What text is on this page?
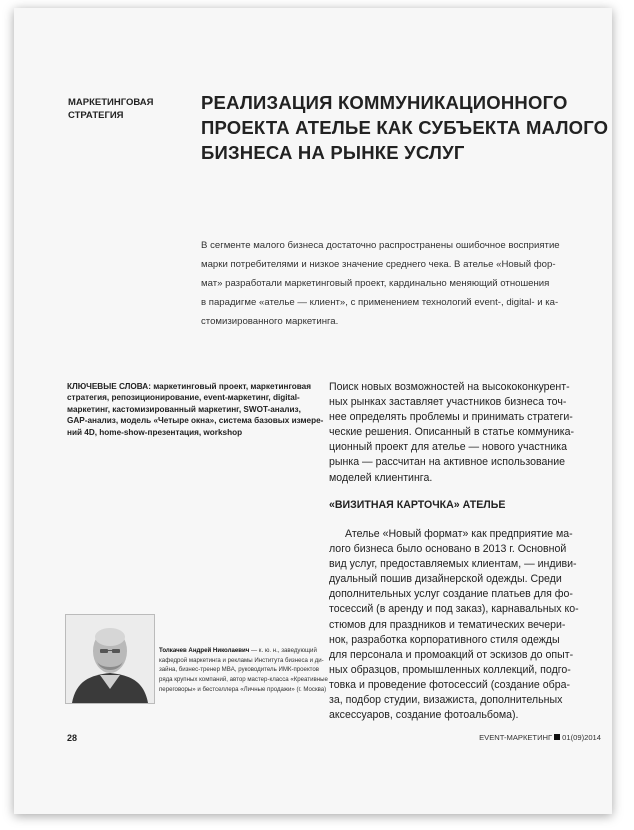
МАРКЕТИНГОВАЯ
СТРАТЕГИЯ
РЕАЛИЗАЦИЯ КОММУНИКАЦИОННОГО
ПРОЕКТА АТЕЛЬЕ КАК СУБЪЕКТА МАЛОГО
БИЗНЕСА НА РЫНКЕ УСЛУГ
В сегменте малого бизнеса достаточно распространены ошибочное восприятие
марки потребителями и низкое значение среднего чека. В ателье «Новый фор-
мат» разработали маркетинговый проект, кардинально меняющий отношения
в парадигме «ателье — клиент», с применением технологий event-, digital- и ка-
стомизированного маркетинга.
КЛЮЧЕВЫЕ СЛОВА: маркетинговый проект, маркетинговая
стратегия, репозиционирование, event-маркетинг, digital-
маркетинг, кастомизированный маркетинг, SWOT-анализ,
GAP-анализ, модель «Четыре окна», система базовых измере-
ний 4D, home-show-презентация, workshop
Поиск новых возможностей на высококонкурент-
ных рынках заставляет участников бизнеса точ-
нее определять проблемы и принимать стратеги-
ческие решения. Описанный в статье коммуника-
ционный проект для ателье — нового участника
рынка — рассчитан на активное использование
моделей клиентинга.
«ВИЗИТНАЯ КАРТОЧКА» АТЕЛЬЕ
Ателье «Новый формат» как предприятие ма-
лого бизнеса было основано в 2013 г. Основной
вид услуг, предоставляемых клиентам, — индиви-
дуальный пошив дизайнерской одежды. Среди
дополнительных услуг создание платьев для фо-
тосессий (в аренду и под заказ), карнавальных ко-
стюмов для праздников и тематических вечери-
нок, разработка корпоративного стиля одежды
для персонала и промоакций от эскизов до опыт-
ных образцов, промышленных коллекций, подго-
товка и проведение фотосессий (создание обра-
за, подбор студии, визажиста, дополнительных
аксессуаров, создание фотоальбома).
Толкачев Андрей Николаевич — к. ю. н., заведующий
кафедрой маркетинга и рекламы Института бизнеса и ди-
зайна, бизнес-тренер MBA, руководитель ИМК-проектов
ряда крупных компаний, автор мастер-класса «Креативные
переговоры» и бестселлера «Личные продажи» (г. Москва)
28	EVENT-МАРКЕТИНГ 01(09)2014
